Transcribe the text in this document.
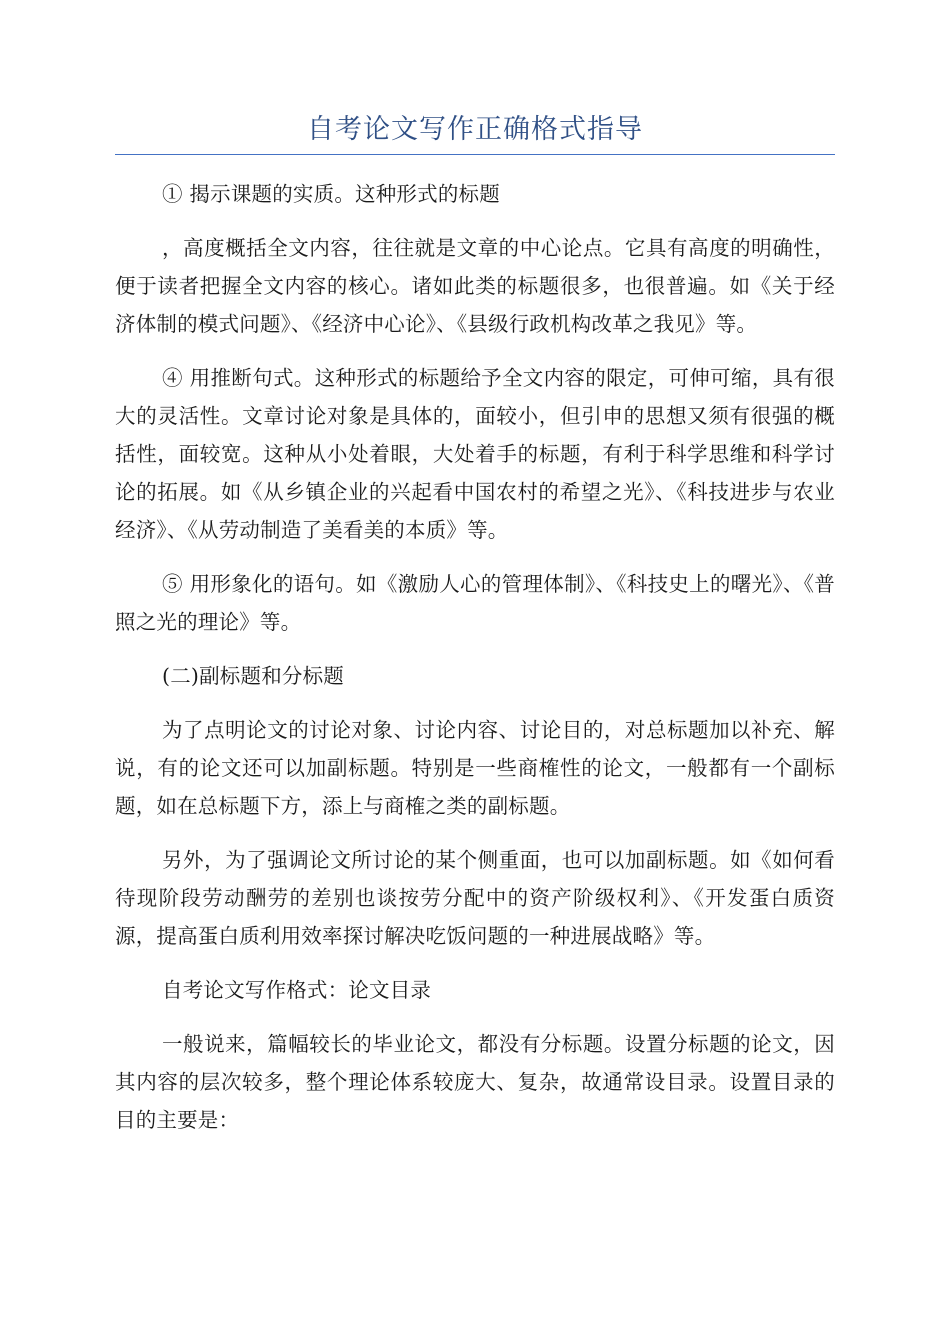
自考论文写作正确格式指导

① 揭示课题的实质。这种形式的标题

，高度概括全文内容，往往就是文章的中心论点。它具有高度的明确性，便于读者把握全文内容的核心。诸如此类的标题很多，也很普遍。如《关于经济体制的模式问题》、《经济中心论》、《县级行政机构改革之我见》等。

④ 用推断句式。这种形式的标题给予全文内容的限定，可伸可缩，具有很大的灵活性。文章讨论对象是具体的，面较小，但引申的思想又须有很强的概括性，面较宽。这种从小处着眼，大处着手的标题，有利于科学思维和科学讨论的拓展。如《从乡镇企业的兴起看中国农村的希望之光》、《科技进步与农业经济》、《从劳动制造了美看美的本质》等。

⑤ 用形象化的语句。如《激励人心的管理体制》、《科技史上的曙光》、《普照之光的理论》等。

(二)副标题和分标题

为了点明论文的讨论对象、讨论内容、讨论目的，对总标题加以补充、解说，有的论文还可以加副标题。特别是一些商榷性的论文，一般都有一个副标题，如在总标题下方，添上与商榷之类的副标题。

另外，为了强调论文所讨论的某个侧重面，也可以加副标题。如《如何看待现阶段劳动酬劳的差别也谈按劳分配中的资产阶级权利》、《开发蛋白质资源，提高蛋白质利用效率探讨解决吃饭问题的一种进展战略》等。

自考论文写作格式：论文目录

一般说来，篇幅较长的毕业论文，都没有分标题。设置分标题的论文，因其内容的层次较多，整个理论体系较庞大、复杂，故通常设目录。设置目录的目的主要是：
